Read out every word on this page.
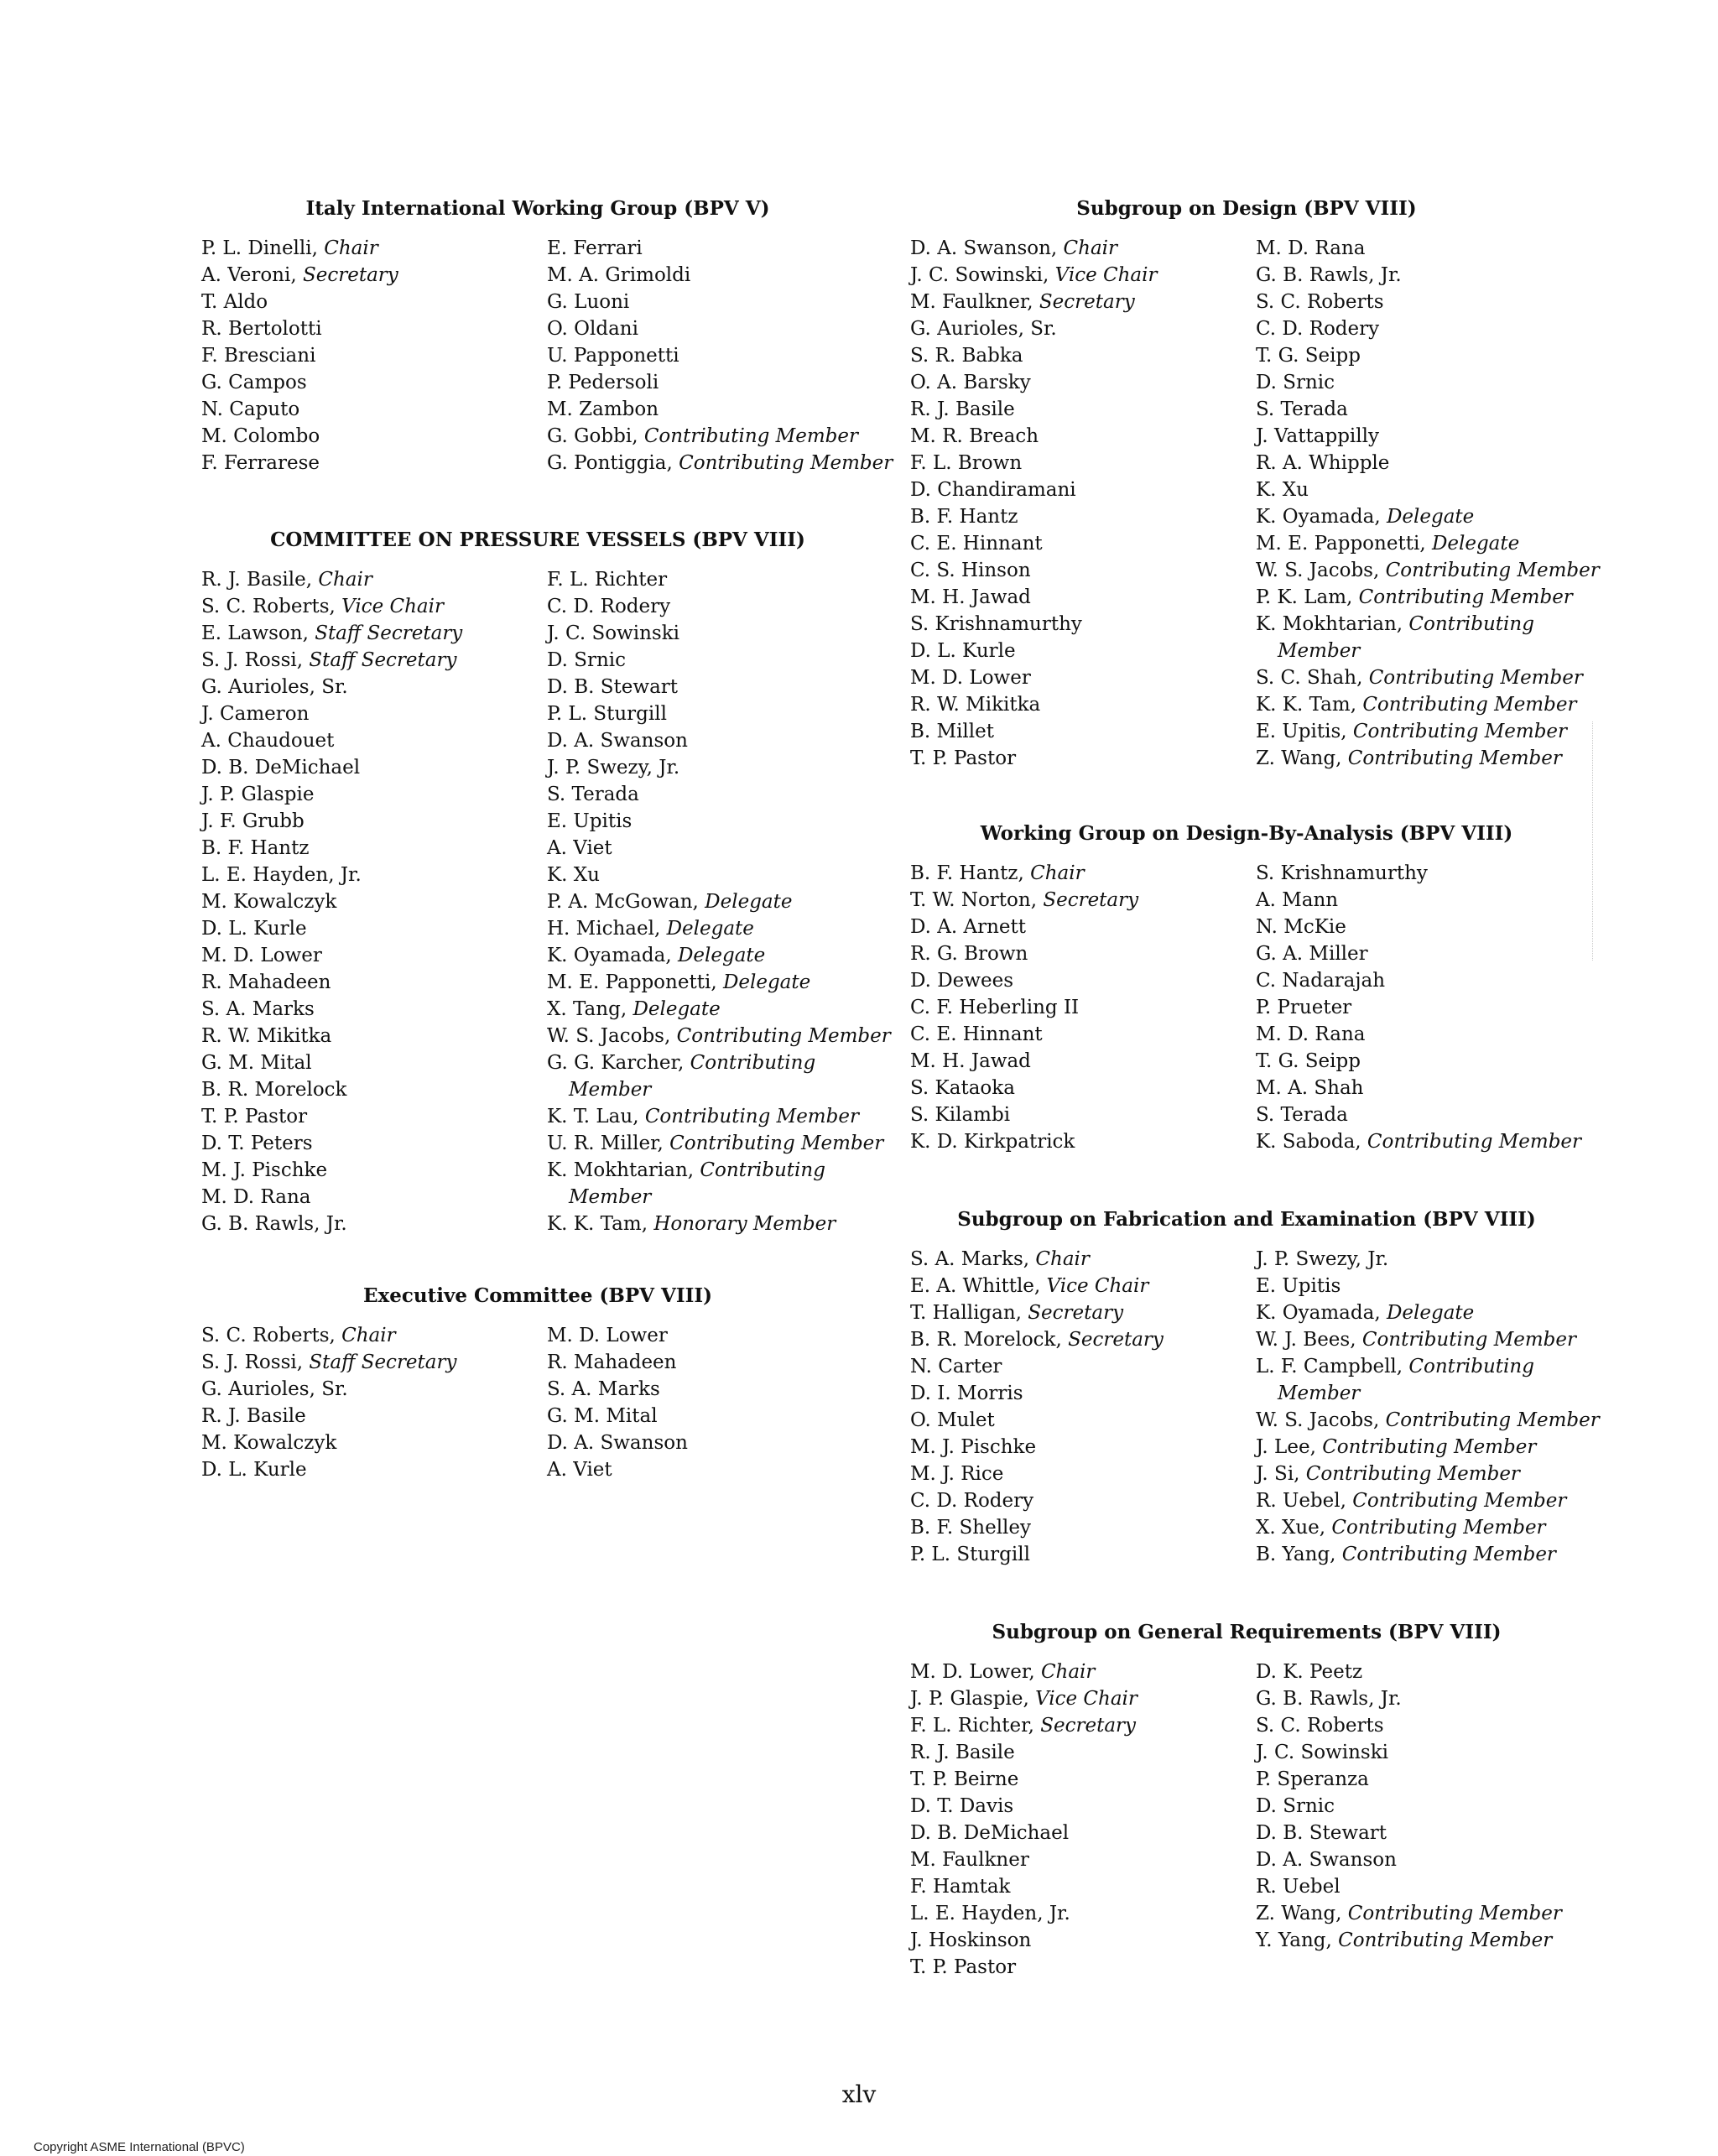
Italy International Working Group (BPV V)
P. L. Dinelli, Chair
A. Veroni, Secretary
T. Aldo
R. Bertolotti
F. Bresciani
G. Campos
N. Caputo
M. Colombo
F. Ferrarese
E. Ferrari
M. A. Grimoldi
G. Luoni
O. Oldani
U. Papponetti
P. Pedersoli
M. Zambon
G. Gobbi, Contributing Member
G. Pontiggia, Contributing Member
COMMITTEE ON PRESSURE VESSELS (BPV VIII)
R. J. Basile, Chair
S. C. Roberts, Vice Chair
E. Lawson, Staff Secretary
S. J. Rossi, Staff Secretary
G. Aurioles, Sr.
J. Cameron
A. Chaudouet
D. B. DeMichael
J. P. Glaspie
J. F. Grubb
B. F. Hantz
L. E. Hayden, Jr.
M. Kowalczyk
D. L. Kurle
M. D. Lower
R. Mahadeen
S. A. Marks
R. W. Mikitka
G. M. Mital
B. R. Morelock
T. P. Pastor
D. T. Peters
M. J. Pischke
M. D. Rana
G. B. Rawls, Jr.
F. L. Richter
C. D. Rodery
J. C. Sowinski
D. Srnic
D. B. Stewart
P. L. Sturgill
D. A. Swanson
J. P. Swezy, Jr.
S. Terada
E. Upitis
A. Viet
K. Xu
P. A. McGowan, Delegate
H. Michael, Delegate
K. Oyamada, Delegate
M. E. Papponetti, Delegate
X. Tang, Delegate
W. S. Jacobs, Contributing Member
G. G. Karcher, Contributing Member
K. T. Lau, Contributing Member
U. R. Miller, Contributing Member
K. Mokhtarian, Contributing Member
K. K. Tam, Honorary Member
Executive Committee (BPV VIII)
S. C. Roberts, Chair
S. J. Rossi, Staff Secretary
G. Aurioles, Sr.
R. J. Basile
M. Kowalczyk
D. L. Kurle
M. D. Lower
R. Mahadeen
S. A. Marks
G. M. Mital
D. A. Swanson
A. Viet
Subgroup on Design (BPV VIII)
D. A. Swanson, Chair
J. C. Sowinski, Vice Chair
M. Faulkner, Secretary
G. Aurioles, Sr.
S. R. Babka
O. A. Barsky
R. J. Basile
M. R. Breach
F. L. Brown
D. Chandiramani
B. F. Hantz
C. E. Hinnant
C. S. Hinson
M. H. Jawad
S. Krishnamurthy
D. L. Kurle
M. D. Lower
R. W. Mikitka
B. Millet
T. P. Pastor
M. D. Rana
G. B. Rawls, Jr.
S. C. Roberts
C. D. Rodery
T. G. Seipp
D. Srnic
S. Terada
J. Vattappilly
R. A. Whipple
K. Xu
K. Oyamada, Delegate
M. E. Papponetti, Delegate
W. S. Jacobs, Contributing Member
P. K. Lam, Contributing Member
K. Mokhtarian, Contributing Member
S. C. Shah, Contributing Member
K. K. Tam, Contributing Member
E. Upitis, Contributing Member
Z. Wang, Contributing Member
Working Group on Design-By-Analysis (BPV VIII)
B. F. Hantz, Chair
T. W. Norton, Secretary
D. A. Arnett
R. G. Brown
D. Dewees
C. F. Heberling II
C. E. Hinnant
M. H. Jawad
S. Kataoka
S. Kilambi
K. D. Kirkpatrick
S. Krishnamurthy
A. Mann
N. McKie
G. A. Miller
C. Nadarajah
P. Prueter
M. D. Rana
T. G. Seipp
M. A. Shah
S. Terada
K. Saboda, Contributing Member
Subgroup on Fabrication and Examination (BPV VIII)
S. A. Marks, Chair
E. A. Whittle, Vice Chair
T. Halligan, Secretary
B. R. Morelock, Secretary
N. Carter
D. I. Morris
O. Mulet
M. J. Pischke
M. J. Rice
C. D. Rodery
B. F. Shelley
P. L. Sturgill
J. P. Swezy, Jr.
E. Upitis
K. Oyamada, Delegate
W. J. Bees, Contributing Member
L. F. Campbell, Contributing Member
W. S. Jacobs, Contributing Member
J. Lee, Contributing Member
J. Si, Contributing Member
R. Uebel, Contributing Member
X. Xue, Contributing Member
B. Yang, Contributing Member
Subgroup on General Requirements (BPV VIII)
M. D. Lower, Chair
J. P. Glaspie, Vice Chair
F. L. Richter, Secretary
R. J. Basile
T. P. Beirne
D. T. Davis
D. B. DeMichael
M. Faulkner
F. Hamtak
L. E. Hayden, Jr.
J. Hoskinson
T. P. Pastor
D. K. Peetz
G. B. Rawls, Jr.
S. C. Roberts
J. C. Sowinski
P. Speranza
D. Srnic
D. B. Stewart
D. A. Swanson
R. Uebel
Z. Wang, Contributing Member
Y. Yang, Contributing Member

xlv

Copyright ASME International (BPVC)
